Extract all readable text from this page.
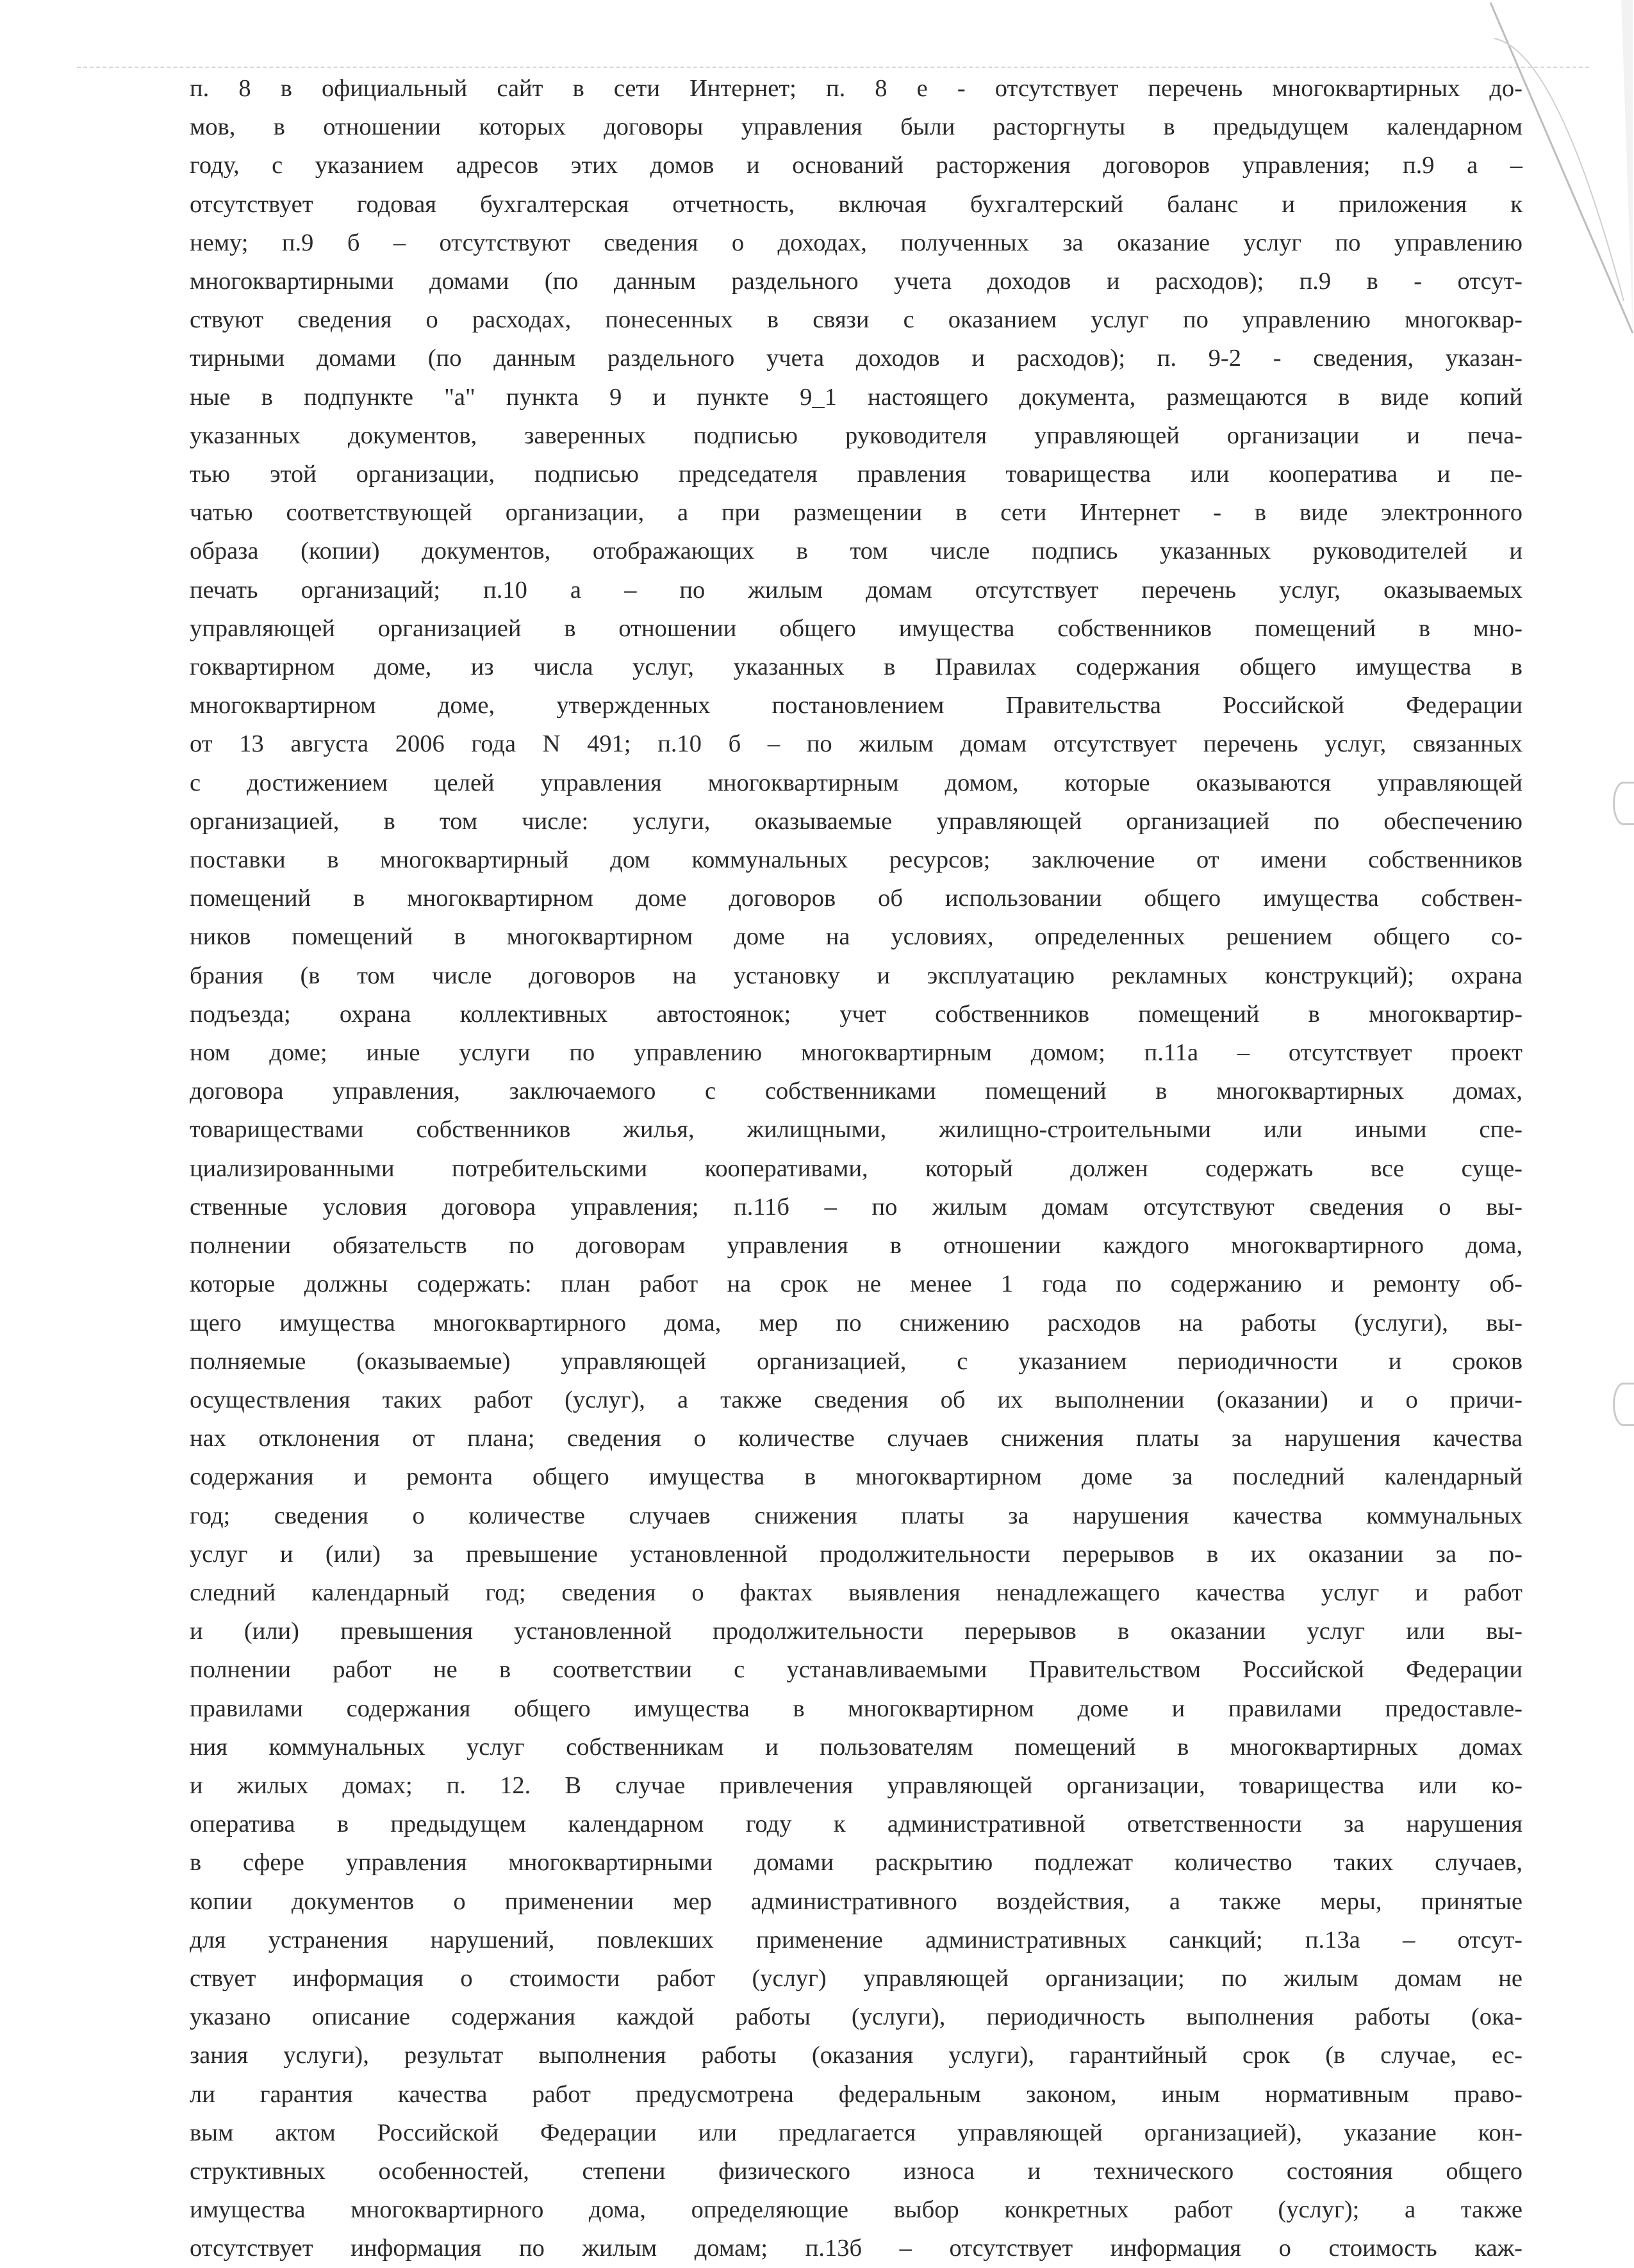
п. 8 в официальный сайт в сети Интернет; п. 8 е - отсутствует перечень многоквартирных до-
мов, в отношении которых договоры управления были расторгнуты в предыдущем календарном
году, с указанием адресов этих домов и оснований расторжения договоров управления; п.9 а –
отсутствует годовая бухгалтерская отчетность, включая бухгалтерский баланс и приложения к
нему; п.9 б – отсутствуют сведения о доходах, полученных за оказание услуг по управлению
многоквартирными домами (по данным раздельного учета доходов и расходов); п.9 в - отсут-
ствуют сведения о расходах, понесенных в связи с оказанием услуг по управлению многоквар-
тирными домами (по данным раздельного учета доходов и расходов); п. 9-2 - сведения, указан-
ные в подпункте "а" пункта 9 и пункте 9_1 настоящего документа, размещаются в виде копий
указанных документов, заверенных подписью руководителя управляющей организации и печа-
тью этой организации, подписью председателя правления товарищества или кооператива и пе-
чатью соответствующей организации, а при размещении в сети Интернет - в виде электронного
образа (копии) документов, отображающих в том числе подпись указанных руководителей и
печать организаций; п.10 а – по жилым домам отсутствует перечень услуг, оказываемых
управляющей организацией в отношении общего имущества собственников помещений в мно-
гоквартирном доме, из числа услуг, указанных в Правилах содержания общего имущества в
многоквартирном доме, утвержденных постановлением Правительства Российской Федерации
от 13 августа 2006 года N 491; п.10 б – по жилым домам отсутствует перечень услуг, связанных
с достижением целей управления многоквартирным домом, которые оказываются управляющей
организацией, в том числе: услуги, оказываемые управляющей организацией по обеспечению
поставки в многоквартирный дом коммунальных ресурсов; заключение от имени собственников
помещений в многоквартирном доме договоров об использовании общего имущества собствен-
ников помещений в многоквартирном доме на условиях, определенных решением общего со-
брания (в том числе договоров на установку и эксплуатацию рекламных конструкций); охрана
подъезда; охрана коллективных автостоянок; учет собственников помещений в многоквартир-
ном доме; иные услуги по управлению многоквартирным домом; п.11а – отсутствует проект
договора управления, заключаемого с собственниками помещений в многоквартирных домах,
товариществами собственников жилья, жилищными, жилищно-строительными или иными спе-
циализированными потребительскими кооперативами, который должен содержать все суще-
ственные условия договора управления; п.11б – по жилым домам отсутствуют сведения о вы-
полнении обязательств по договорам управления в отношении каждого многоквартирного дома,
которые должны содержать: план работ на срок не менее 1 года по содержанию и ремонту об-
щего имущества многоквартирного дома, мер по снижению расходов на работы (услуги), вы-
полняемые (оказываемые) управляющей организацией, с указанием периодичности и сроков
осуществления таких работ (услуг), а также сведения об их выполнении (оказании) и о причи-
нах отклонения от плана; сведения о количестве случаев снижения платы за нарушения качества
содержания и ремонта общего имущества в многоквартирном доме за последний календарный
год; сведения о количестве случаев снижения платы за нарушения качества коммунальных
услуг и (или) за превышение установленной продолжительности перерывов в их оказании за по-
следний календарный год; сведения о фактах выявления ненадлежащего качества услуг и работ
и (или) превышения установленной продолжительности перерывов в оказании услуг или вы-
полнении работ не в соответствии с устанавливаемыми Правительством Российской Федерации
правилами содержания общего имущества в многоквартирном доме и правилами предоставле-
ния коммунальных услуг собственникам и пользователям помещений в многоквартирных домах
и жилых домах; п. 12. В случае привлечения управляющей организации, товарищества или ко-
оператива в предыдущем календарном году к административной ответственности за нарушения
в сфере управления многоквартирными домами раскрытию подлежат количество таких случаев,
копии документов о применении мер административного воздействия, а также меры, принятые
для устранения нарушений, повлекших применение административных санкций; п.13а – отсут-
ствует информация о стоимости работ (услуг) управляющей организации; по жилым домам не
указано описание содержания каждой работы (услуги), периодичность выполнения работы (ока-
зания услуги), результат выполнения работы (оказания услуги), гарантийный срок (в случае, ес-
ли гарантия качества работ предусмотрена федеральным законом, иным нормативным право-
вым актом Российской Федерации или предлагается управляющей организацией), указание кон-
структивных особенностей, степени физического износа и технического состояния общего
имущества многоквартирного дома, определяющие выбор конкретных работ (услуг); а также
отсутствует информация по жилым домам; п.13б – отсутствует информация о стоимость каж-
